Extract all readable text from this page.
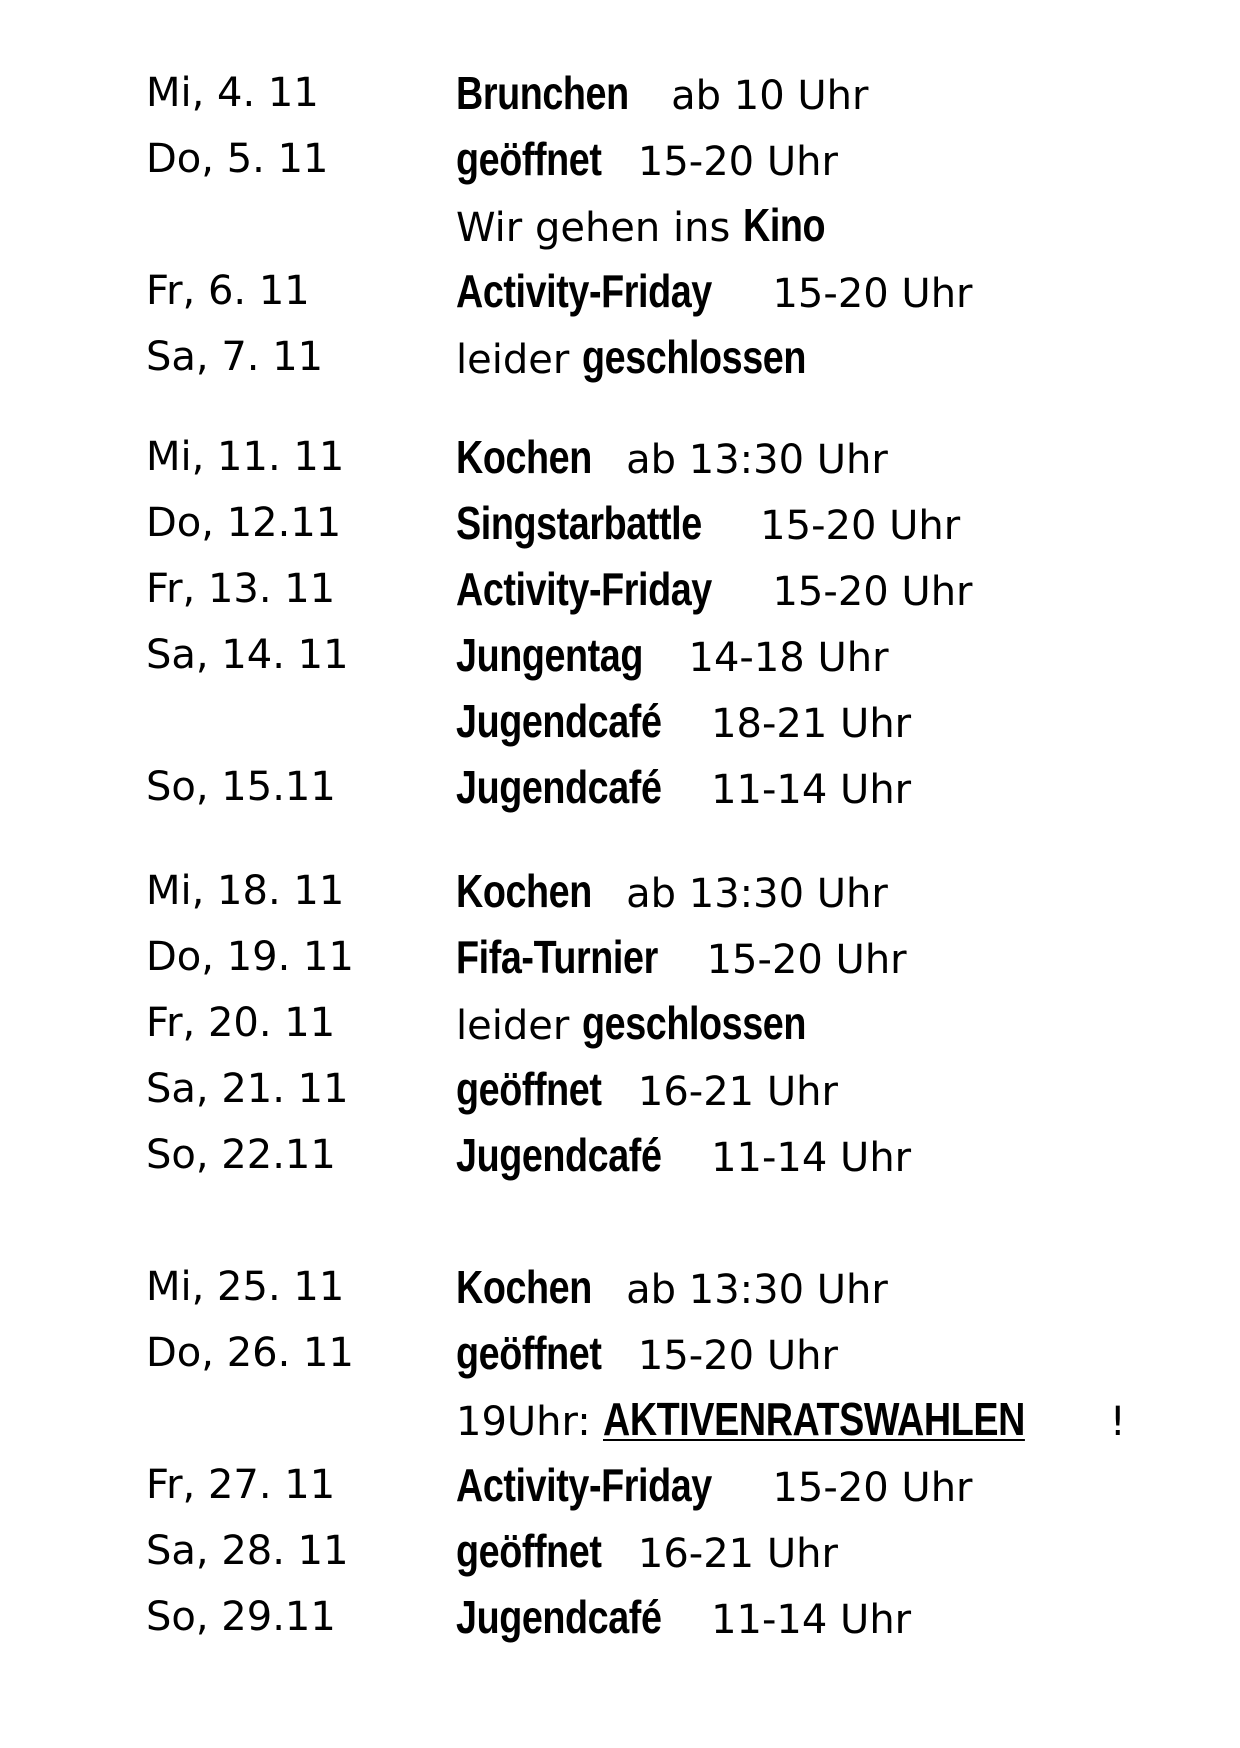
Mi, 4. 11	Brunchen ab 10 Uhr
Do, 5. 11	geöffnet 15-20 Uhr
Wir gehen ins Kino
Fr, 6. 11	Activity-Friday 15-20 Uhr
Sa, 7. 11	leider geschlossen
Mi, 11. 11 Kochen ab 13:30 Uhr
Do, 12.11 Singstarbattle 15-20 Uhr
Fr, 13. 11	Activity-Friday 15-20 Uhr
Sa, 14. 11 Jungentag 14-18 Uhr
Jugendcafé 18-21 Uhr
So, 15.11	Jugendcafé 11-14 Uhr
Mi, 18. 11 Kochen ab 13:30 Uhr
Do, 19. 11 Fifa-Turnier 15-20 Uhr
Fr, 20. 11	leider geschlossen
Sa, 21. 11 geöffnet 16-21 Uhr
So, 22.11	Jugendcafé 11-14 Uhr
Mi, 25. 11 Kochen ab 13:30 Uhr
Do, 26. 11 geöffnet 15-20 Uhr
19Uhr: AKTIVENRATSWAHLEN !
Fr, 27. 11	Activity-Friday 15-20 Uhr
Sa, 28. 11 geöffnet 16-21 Uhr
So, 29.11	Jugendcafé 11-14 Uhr
